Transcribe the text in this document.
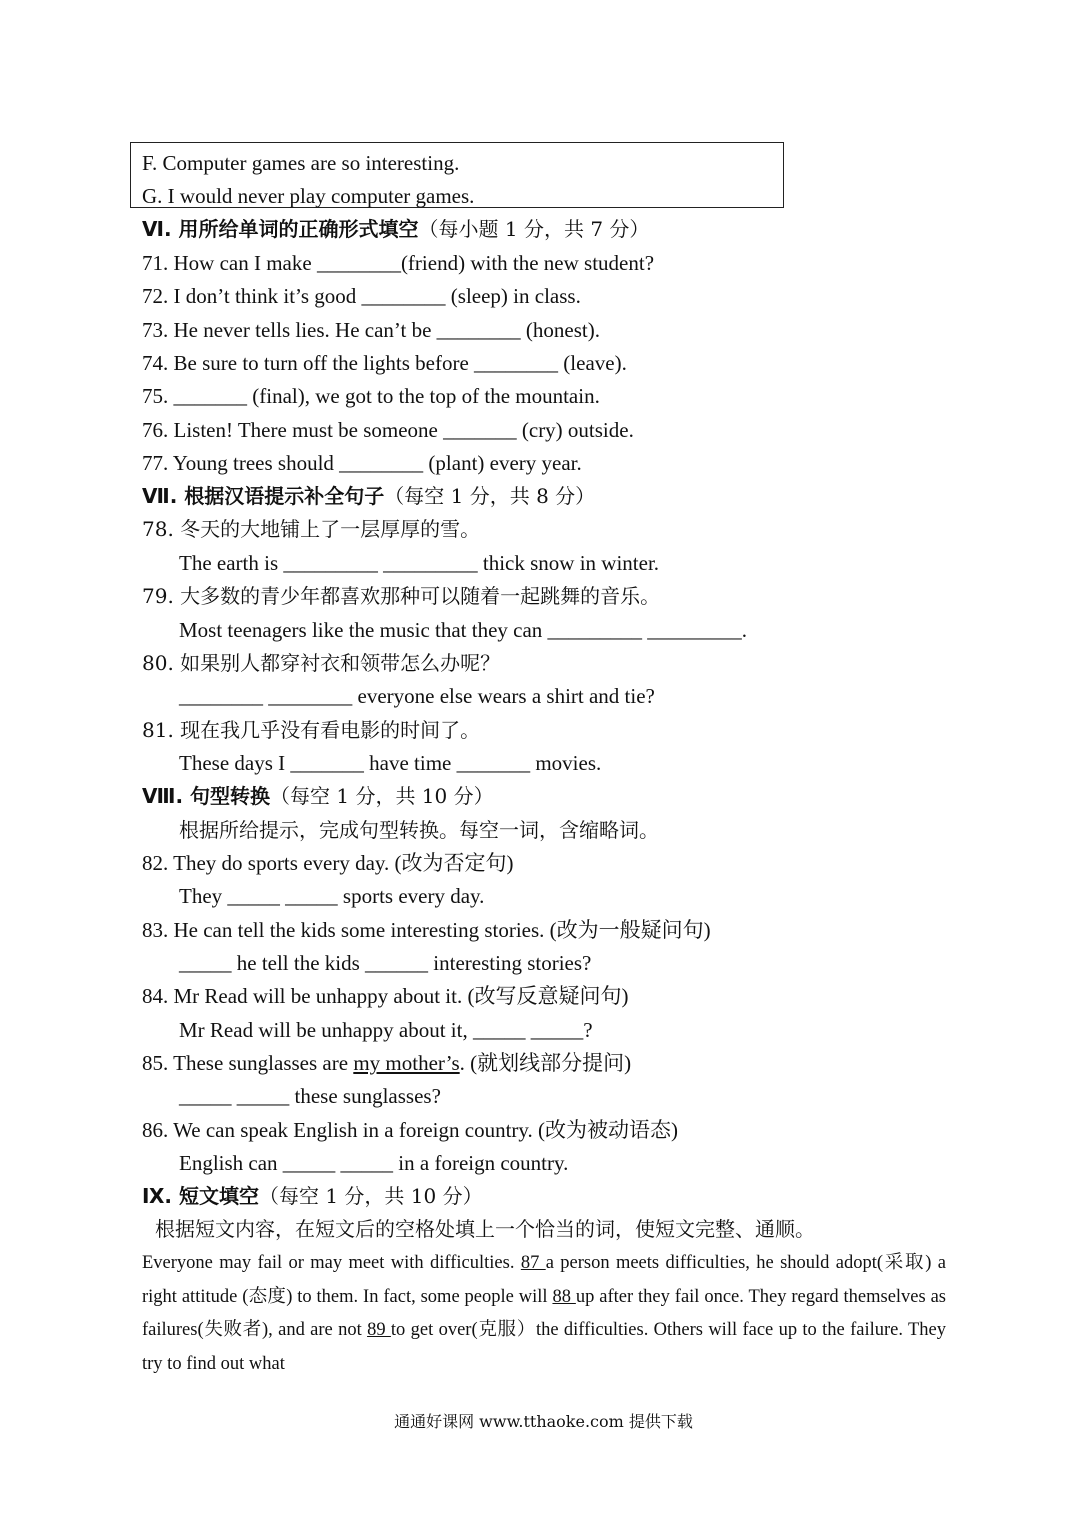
F. Computer games are so interesting.
G. I would never play computer games.
Ⅵ. 用所给单词的正确形式填空（每小题 1 分，共 7 分）
71. How can I make ________(friend) with the new student?
72. I don’t think it’s good ________ (sleep) in class.
73. He never tells lies. He can’t be ________ (honest).
74. Be sure to turn off the lights before ________ (leave).
75. _______ (final), we got to the top of the mountain.
76. Listen! There must be someone _______ (cry) outside.
77. Young trees should ________ (plant) every year.
Ⅶ. 根据汉语提示补全句子（每空 1 分，共 8 分）
78. 冬天的大地铺上了一层厚厚的雪。
The earth is _________ _________ thick snow in winter.
79. 大多数的青少年都喜欢那种可以随着一起跳舞的音乐。
Most teenagers like the music that they can _________ _________.
80. 如果别人都穿衬衣和领带怎么办呢？
________ ________ everyone else wears a shirt and tie?
81. 现在我几乎没有看电影的时间了。
These days I _______ have time _______ movies.
Ⅷ. 句型转换（每空 1 分，共 10 分）
根据所给提示，完成句型转换。每空一词，含缩略词。
82. They do sports every day. (改为否定句)
They _____ _____ sports every day.
83. He can tell the kids some interesting stories. (改为一般疑问句)
_____ he tell the kids ______ interesting stories?
84. Mr Read will be unhappy about it. (改写反意疑问句)
Mr Read will be unhappy about it, _____ _____?
85. These sunglasses are my mother’s. (就划线部分提问)
_____ _____ these sunglasses?
86. We can speak English in a foreign country. (改为被动语态)
English can _____ _____ in a foreign country.
Ⅸ. 短文填空（每空 1 分，共 10 分）
根据短文内容，在短文后的空格处填上一个恰当的词，使短文完整、通顺。
Everyone may fail or may meet with difficulties. 87 a person meets difficulties, he should adopt(采取) a right attitude (态度) to them. In fact, some people will 88 up after they fail once. They regard themselves as failures(失败者), and are not 89 to get over(克服）the difficulties. Others will face up to the failure. They try to find out what
通通好课网 www.tthaoke.com 提供下载
